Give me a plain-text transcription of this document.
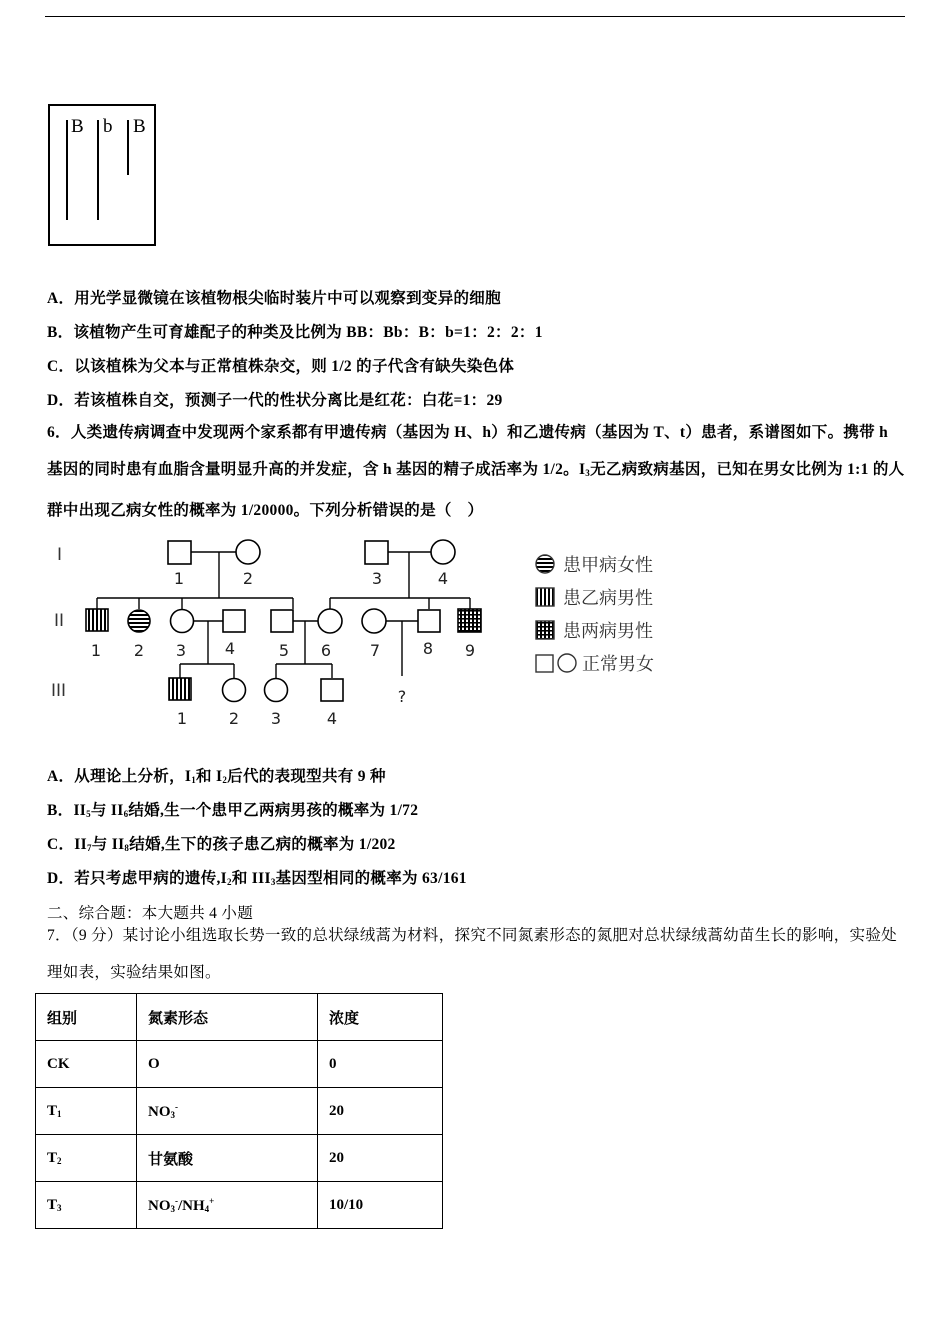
B b B
A．用光学显微镜在该植物根尖临时装片中可以观察到变异的细胞
B．该植物产生可育雄配子的种类及比例为 BB：Bb：B：b=1：2：2：1
C．以该植株为父本与正常植株杂交，则 1/2 的子代含有缺失染色体
D．若该植株自交，预测子一代的性状分离比是红花：白花=1：29
6．人类遗传病调查中发现两个家系都有甲遗传病（基因为 H、h）和乙遗传病（基因为 T、t）患者，系谱图如下。携带 h 基因的同时患有血脂含量明显升高的并发症，含 h 基因的精子成活率为 1/2。$I_3$无乙病致病基因，已知在男女比例为 1:1 的人群中出现乙病女性的概率为 1/20000。下列分析错误的是（　）
I
II
III
1	2	3	4
1 2 3 4	5 6 7	8 9
1	2 3	4
?
患甲病女性
患乙病男性
患两病男性
正常男女
A．从理论上分析，$I_1$和 $I_2$后代的表现型共有 9 种
B．$II_5$与 $II_6$结婚,生一个患甲乙两病男孩的概率为 1/72
C．$II_7$与 $II_8$结婚,生下的孩子患乙病的概率为 1/202
D．若只考虑甲病的遗传$,I_2$和 $III_3$基因型相同的概率为 63/161
二、综合题：本大题共 4 小题
7．（9 分）某讨论小组选取长势一致的总状绿绒蒿为材料，探究不同氮素形态的氮肥对总状绿绒蒿幼苗生长的影响，实验处理如表，实验结果如图。
组别	氮素形态	浓度
CK	O	0
$T_1$	$NO_3^-$	20
$T_2$	甘氨酸	20
$T_3$	$NO_3^-/NH_4^+$	10/10
